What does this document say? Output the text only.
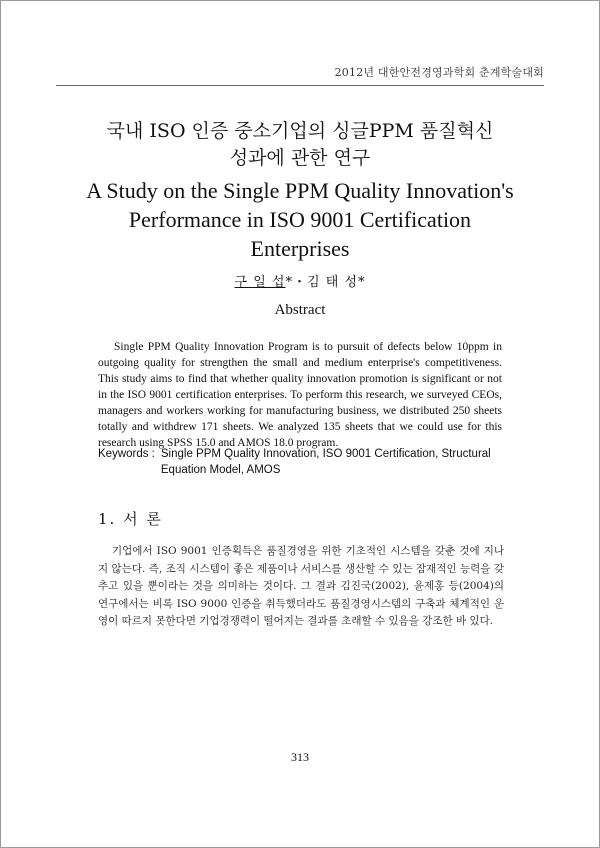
2012년 대한안전경영과학회 춘계학술대회
국내 ISO 인증 중소기업의 싱글PPM 품질혁신
성과에 관한 연구
A Study on the Single PPM Quality Innovation's
Performance in ISO 9001 Certification
Enterprises
구 일 섭*・김 태 성*
Abstract

Single PPM Quality Innovation Program is to pursuit of defects below 10ppm in outgoing quality for strengthen the small and medium enterprise's competitiveness. This study aims to find that whether quality innovation promotion is significant or not in the ISO 9001 certification enterprises. To perform this research, we surveyed CEOs, managers and workers working for manufacturing business, we distributed 250 sheets totally and withdrew 171 sheets. We analyzed 135 sheets that we could use for this research using SPSS 15.0 and AMOS 18.0 program.

Keywords : Single PPM Quality Innovation, ISO 9001 Certification, Structural Equation Model, AMOS
1. 서 론

기업에서 ISO 9001 인증획득은 품질경영을 위한 기초적인 시스템을 갖춘 것에 지나지 않는다. 즉, 조직 시스템이 좋은 제품이나 서비스를 생산할 수 있는 잠재적인 능력을 갖추고 있을 뿐이라는 것을 의미하는 것이다. 그 결과 김진국(2002), 윤제홍 등(2004)의 연구에서는 비록 ISO 9000 인증을 취득했더라도 품질경영시스템의 구축과 체계적인 운영이 따르지 못한다면 기업경쟁력이 떨어지는 결과를 초래할 수 있음을 강조한 바 있다.

313
